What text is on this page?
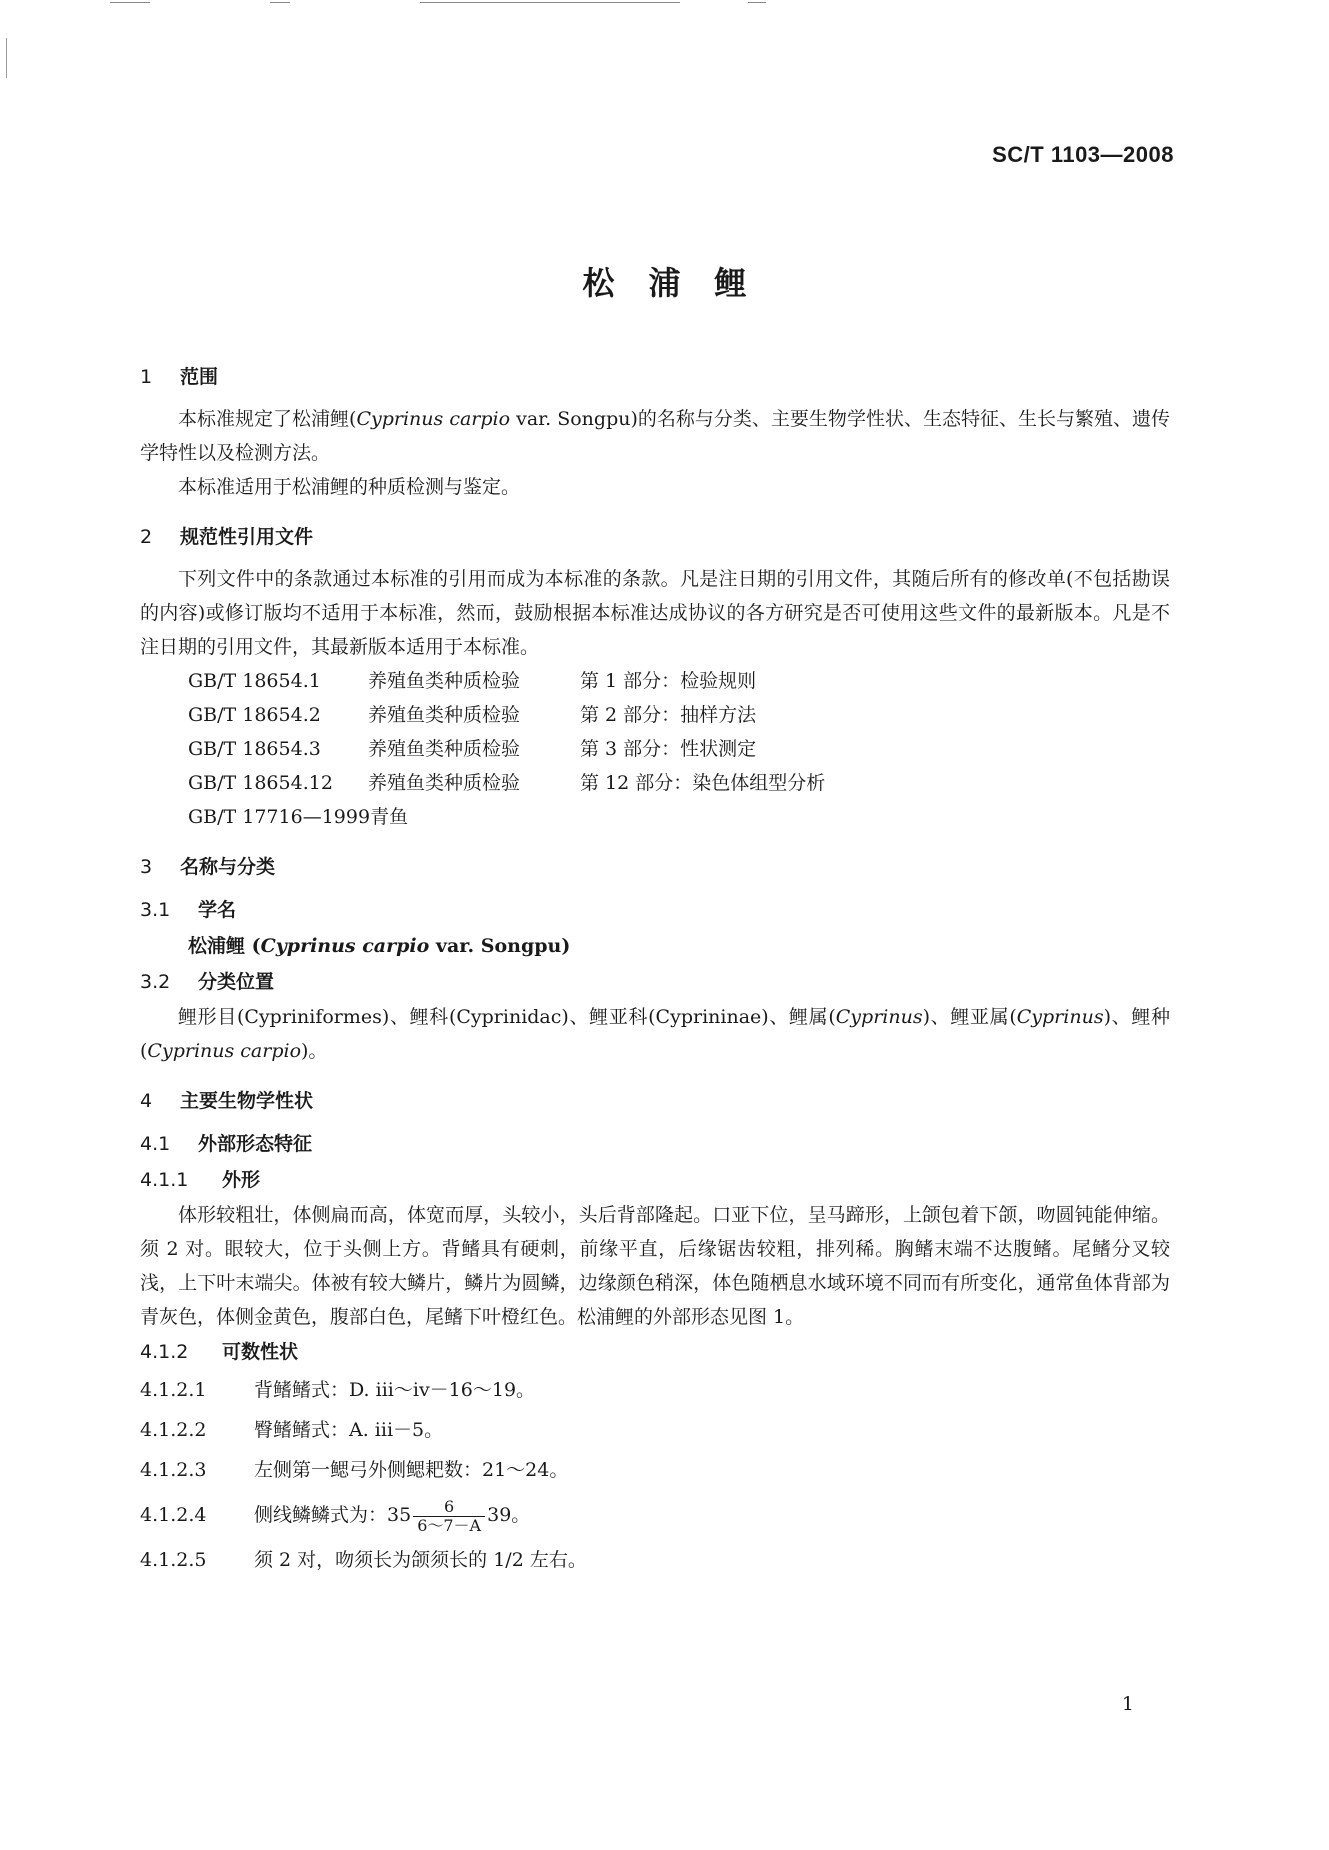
SC/T 1103—2008
松浦鲤
1 范围

本标准规定了松浦鲤(Cyprinus carpio var. Songpu)的名称与分类、主要生物学性状、生态特征、生长与繁殖、遗传学特性以及检测方法。

本标准适用于松浦鲤的种质检测与鉴定。

2 规范性引用文件

下列文件中的条款通过本标准的引用而成为本标准的条款。凡是注日期的引用文件，其随后所有的修改单(不包括勘误的内容)或修订版均不适用于本标准，然而，鼓励根据本标准达成协议的各方研究是否可使用这些文件的最新版本。凡是不注日期的引用文件，其最新版本适用于本标准。

GB/T 18654.1 养殖鱼类种质检验	第 1 部分：检验规则
GB/T 18654.2 养殖鱼类种质检验	第 2 部分：抽样方法
GB/T 18654.3 养殖鱼类种质检验	第 3 部分：性状测定
GB/T 18654.12 养殖鱼类种质检验	第 12 部分：染色体组型分析
GB/T 17716—1999青鱼
3 名称与分类
3.1 学名

松浦鲤 (Cyprinus carpio var. Songpu)

3.2 分类位置

鲤形目(Cypriniformes)、鲤科(Cyprinidac)、鲤亚科(Cyprininae)、鲤属(Cyprinus)、鲤亚属(Cyprinus)、鲤种(Cyprinus carpio)。

4 主要生物学性状
4.1 外部形态特征
4.1.1 外形

体形较粗壮，体侧扁而高，体宽而厚，头较小，头后背部隆起。口亚下位，呈马蹄形，上颌包着下颌，吻圆钝能伸缩。须 2 对。眼较大，位于头侧上方。背鳍具有硬刺，前缘平直，后缘锯齿较粗，排列稀。胸鳍末端不达腹鳍。尾鳍分叉较浅，上下叶末端尖。体被有较大鳞片，鳞片为圆鳞，边缘颜色稍深，体色随栖息水域环境不同而有所变化，通常鱼体背部为青灰色，体侧金黄色，腹部白色，尾鳍下叶橙红色。松浦鲤的外部形态见图 1。

4.1.2 可数性状
4.1.2.1	背鳍鳍式：D. iii～iv－16～19。
4.1.2.2	臀鳍鳍式：A. iii－5。
4.1.2.3	左侧第一鳃弓外侧鳃耙数：21～24。
4.1.2.4	侧线鳞鳞式为：$35 \frac{6}{6\sim 7-A} 39$。
4.1.2.5	须 2 对，吻须长为颌须长的 1/2 左右。
1
